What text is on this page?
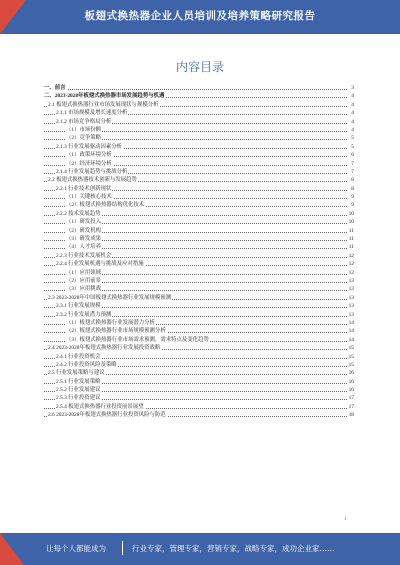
板翅式换热器企业人员培训及培养策略研究报告
内容目录
一、前言	3
二、2023-2028年板翅式换热器市场发展趋势与机遇	4
2.1 板翅式换热器行业市场发展现状与规模分析	4
2.1.1 市场规模及增长速度分析	4
2.1.2 市场竞争格局分析	4
（1）市场份额	4
（2）竞争策略	5
2.1.3 行业发展驱动因素分析	5
（1）政策环境分析	6
（2）经济环境分析	7
2.1.4 行业发展趋势与挑战分析	7
2.2 板翅式换热器技术创新与发展趋势	8
2.2.1 行业技术创新现状	8
（1）关键核心技术	9
（2）板翅式换热器结构优化技术	9
2.2.2 技术发展趋势	10
（1）研发投入	10
（2）研发机构	11
（3）研发成果	11
（4）人才培养	11
2.2.3 行业技术发展机会	12
2.2.4 行业发展机遇与挑战及应对措施	12
（1）应用领域	12
（2）应用前景	13
（3）应用挑战	13
2.3 2023-2028年中国板翅式换热器行业发展规模预测	13
2.3.1 行业发展规模	13
2.3.2 行业发展潜力预测	13
（1）板翅式换热器行业发展潜力分析	14
（2）板翅式换热器行业市场规模预测分析	14
（3）板翅式换热器行业市场需求预测，需求特点及变化趋势	14
2.4 2023-2028年板翅式换热器行业发展投资战略	15
2.4.1 行业投资机会	15
2.4.2 行业投资风险及策略	15
2.5 行业发展策略与建议	16
2.5.1 行业发展策略	16
2.5.2 行业发展建议	16
2.5.3 行业投资建议	17
2.5.4 板翅式换热器行业投资前景展望	17
2.6 2023-2028年板翅式换热器行业投资风险与防范	18
1
让每个人都能成为	行业专家，管理专家，营销专家，战略专家，成功企业家……
